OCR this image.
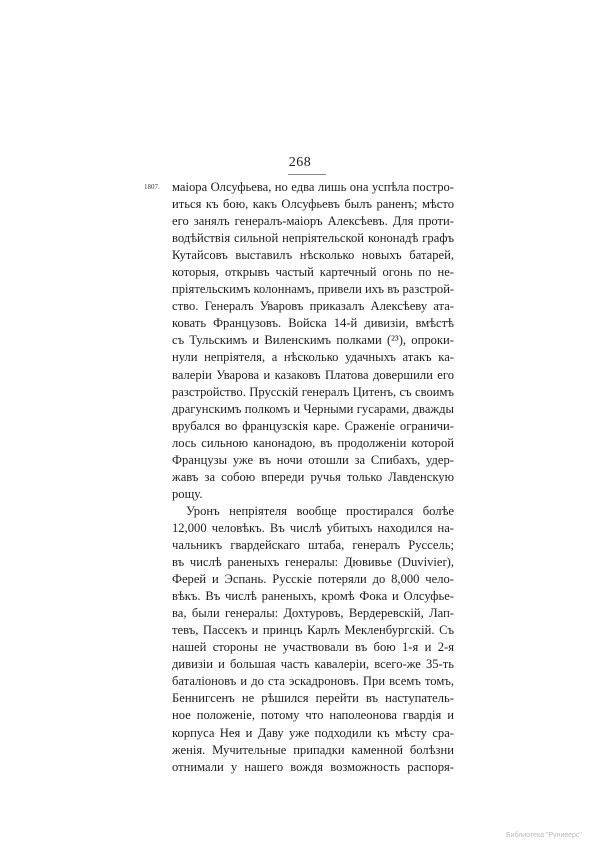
268
1807. маіора Олсуфьева, но едва лишь она успѣла постро-
иться къ бою, какъ Олсуфьевъ былъ раненъ; мѣсто
его занялъ генералъ-маіоръ Алексѣевъ. Для проти-
водѣйствія сильной непріятельской кононадѣ графъ
Кутайсовъ выставилъ нѣсколько новыхъ батарей,
которыя, открывъ частый картечный огонь по не-
пріятельскимъ колоннамъ, привели ихъ въ разстрой-
ство. Генералъ Уваровъ приказалъ Алексѣеву ата-
ковать Французовъ. Войска 14-й дивизіи, вмѣстѣ
съ Тульскимъ и Виленскимъ полками (²³), опроки-
нули непріятеля, а нѣсколько удачныхъ атакъ ка-
валеріи Уварова и казаковъ Платова довершили его
разстройство. Прусскій генералъ Цитенъ, съ своимъ
драгунскимъ полкомъ и Черными гусарами, дважды
врубался во французскія каре. Сраженіе ограничи-
лось сильною канонадою, въ продолженіи которой
Французы уже въ ночи отошли за Спибахъ, удер-
жавъ за собою впереди ручья только Лавденскую
рощу.
Уронъ непріятеля вообще простирался болѣе
12,000 человѣкъ. Въ числѣ убитыхъ находился на-
чальникъ гвардейскаго штаба, генералъ Руссель;
въ числѣ раненыхъ генералы: Дювивье (Duvivier),
Ферей и Эспань. Русскіе потеряли до 8,000 чело-
вѣкъ. Въ числѣ раненыхъ, кромѣ Фока и Олсуфье-
ва, были генералы: Дохтуровъ, Вердеревскій, Лап-
тевъ, Пассекъ и принцъ Карлъ Мекленбургскій. Съ
нашей стороны не участвовали въ бою 1-я и 2-я
дивизіи и большая часть кавалеріи, всего-же 35-ть
баталіоновъ и до ста эскадроновъ. При всемъ томъ,
Беннигсенъ не рѣшился перейти въ наступатель-
ное положеніе, потому что наполеонова гвардія и
корпуса Нея и Даву уже подходили къ мѣсту сра-
женія. Мучительные припадки каменной болѣзни
отнимали у нашего вождя возможность распоря-
Библиотека "Руниверс"
